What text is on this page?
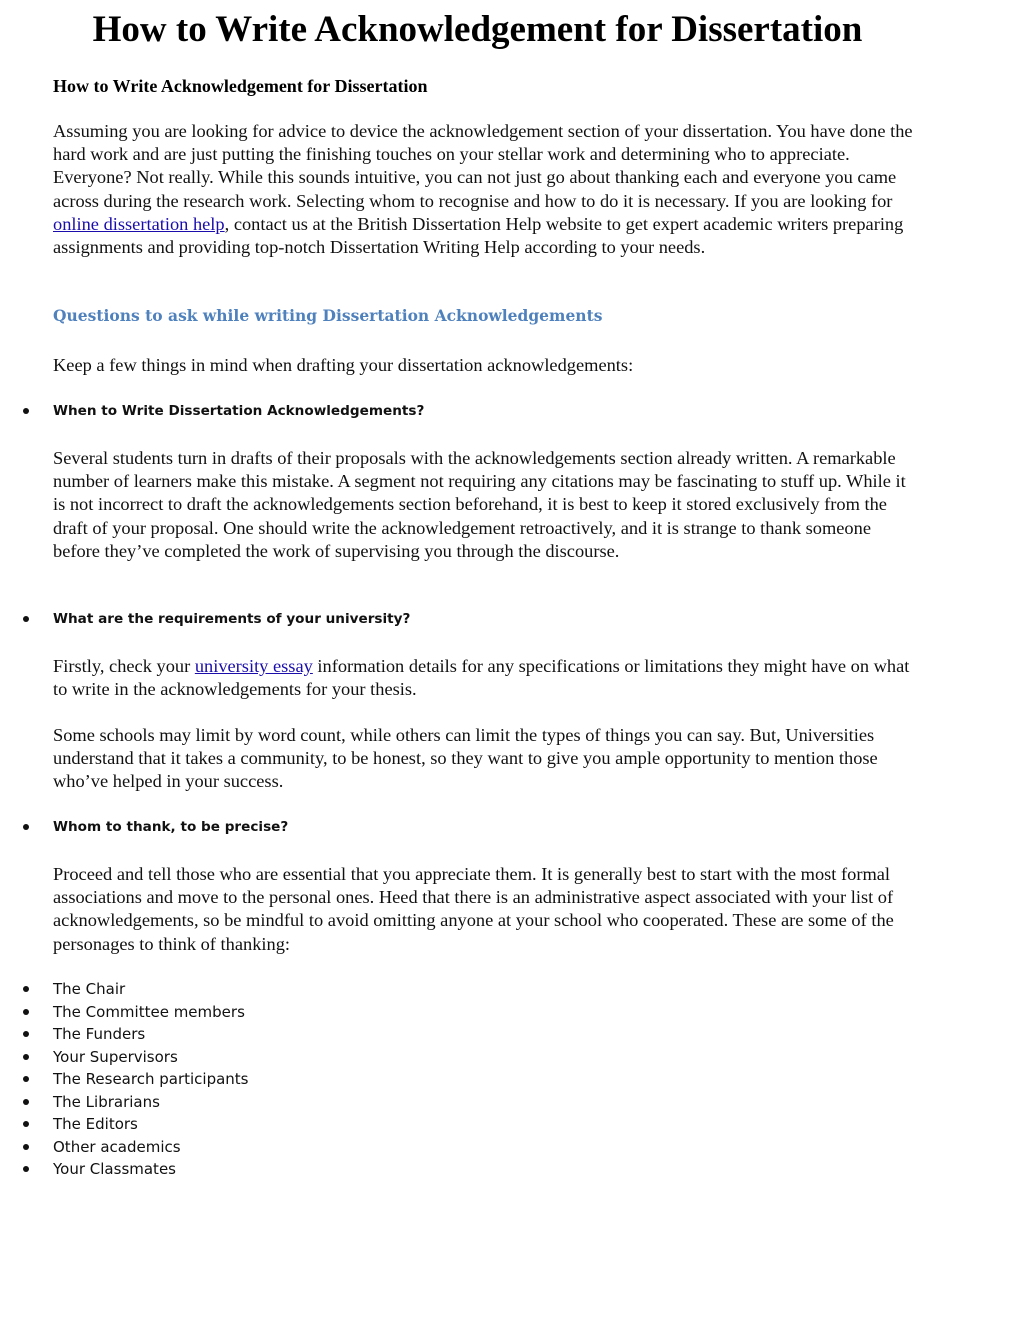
How to Write Acknowledgement for Dissertation
How to Write Acknowledgement for Dissertation

Assuming you are looking for advice to device the acknowledgement section of your dissertation. You have done the hard work and are just putting the finishing touches on your stellar work and determining who to appreciate. Everyone? Not really. While this sounds intuitive, you can not just go about thanking each and everyone you came across during the research work. Selecting whom to recognise and how to do it is necessary. If you are looking for online dissertation help, contact us at the British Dissertation Help website to get expert academic writers preparing assignments and providing top-notch Dissertation Writing Help according to your needs.

Questions to ask while writing Dissertation Acknowledgements

Keep a few things in mind when drafting your dissertation acknowledgements:

When to Write Dissertation Acknowledgements?

Several students turn in drafts of their proposals with the acknowledgements section already written. A remarkable number of learners make this mistake. A segment not requiring any citations may be fascinating to stuff up. While it is not incorrect to draft the acknowledgements section beforehand, it is best to keep it stored exclusively from the draft of your proposal. One should write the acknowledgement retroactively, and it is strange to thank someone before they’ve completed the work of supervising you through the discourse.

What are the requirements of your university?

Firstly, check your university essay information details for any specifications or limitations they might have on what to write in the acknowledgements for your thesis.

Some schools may limit by word count, while others can limit the types of things you can say. But, Universities understand that it takes a community, to be honest, so they want to give you ample opportunity to mention those who’ve helped in your success.

Whom to thank, to be precise?

Proceed and tell those who are essential that you appreciate them. It is generally best to start with the most formal associations and move to the personal ones. Heed that there is an administrative aspect associated with your list of acknowledgements, so be mindful to avoid omitting anyone at your school who cooperated. These are some of the personages to think of thanking:

The Chair
The Committee members
The Funders
Your Supervisors
The Research participants
The Librarians
The Editors
Other academics
Your Classmates
